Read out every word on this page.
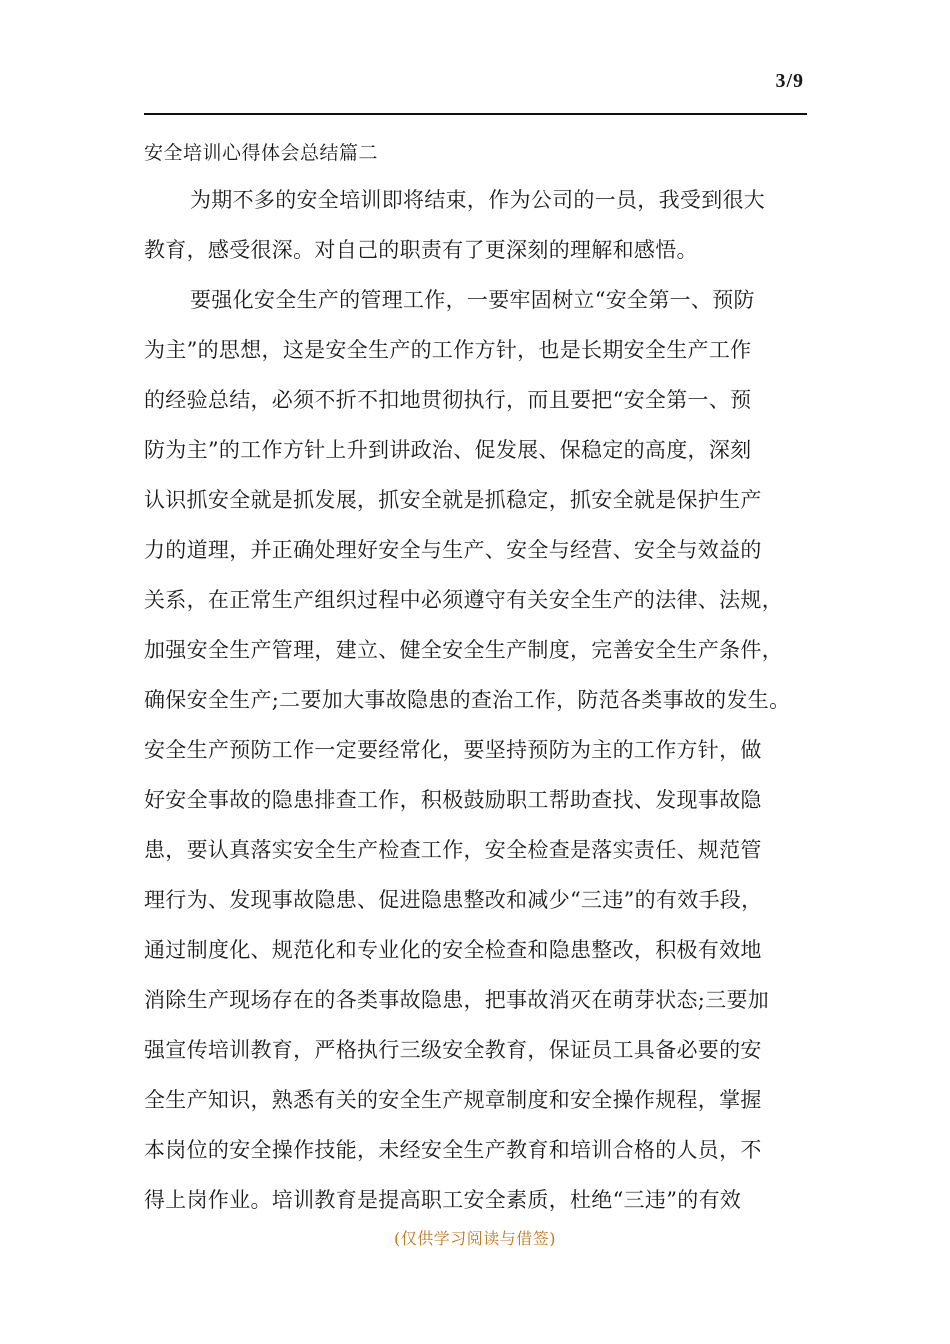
3/9
安全培训心得体会总结篇二
为期不多的安全培训即将结束，作为公司的一员，我受到很大
教育，感受很深。对自己的职责有了更深刻的理解和感悟。
要强化安全生产的管理工作，一要牢固树立“安全第一、预防
为主”的思想，这是安全生产的工作方针，也是长期安全生产工作
的经验总结，必须不折不扣地贯彻执行，而且要把“安全第一、预
防为主”的工作方针上升到讲政治、促发展、保稳定的高度，深刻
认识抓安全就是抓发展，抓安全就是抓稳定，抓安全就是保护生产
力的道理，并正确处理好安全与生产、安全与经营、安全与效益的
关系，在正常生产组织过程中必须遵守有关安全生产的法律、法规，
加强安全生产管理，建立、健全安全生产制度，完善安全生产条件，
确保安全生产;二要加大事故隐患的查治工作，防范各类事故的发生。
安全生产预防工作一定要经常化，要坚持预防为主的工作方针，做
好安全事故的隐患排查工作，积极鼓励职工帮助查找、发现事故隐
患，要认真落实安全生产检查工作，安全检查是落实责任、规范管
理行为、发现事故隐患、促进隐患整改和减少“三违”的有效手段，
通过制度化、规范化和专业化的安全检查和隐患整改，积极有效地
消除生产现场存在的各类事故隐患，把事故消灭在萌芽状态;三要加
强宣传培训教育，严格执行三级安全教育，保证员工具备必要的安
全生产知识，熟悉有关的安全生产规章制度和安全操作规程，掌握
本岗位的安全操作技能，未经安全生产教育和培训合格的人员，不
得上岗作业。培训教育是提高职工安全素质，杜绝“三违”的有效
(仅供学习阅读与借签)
